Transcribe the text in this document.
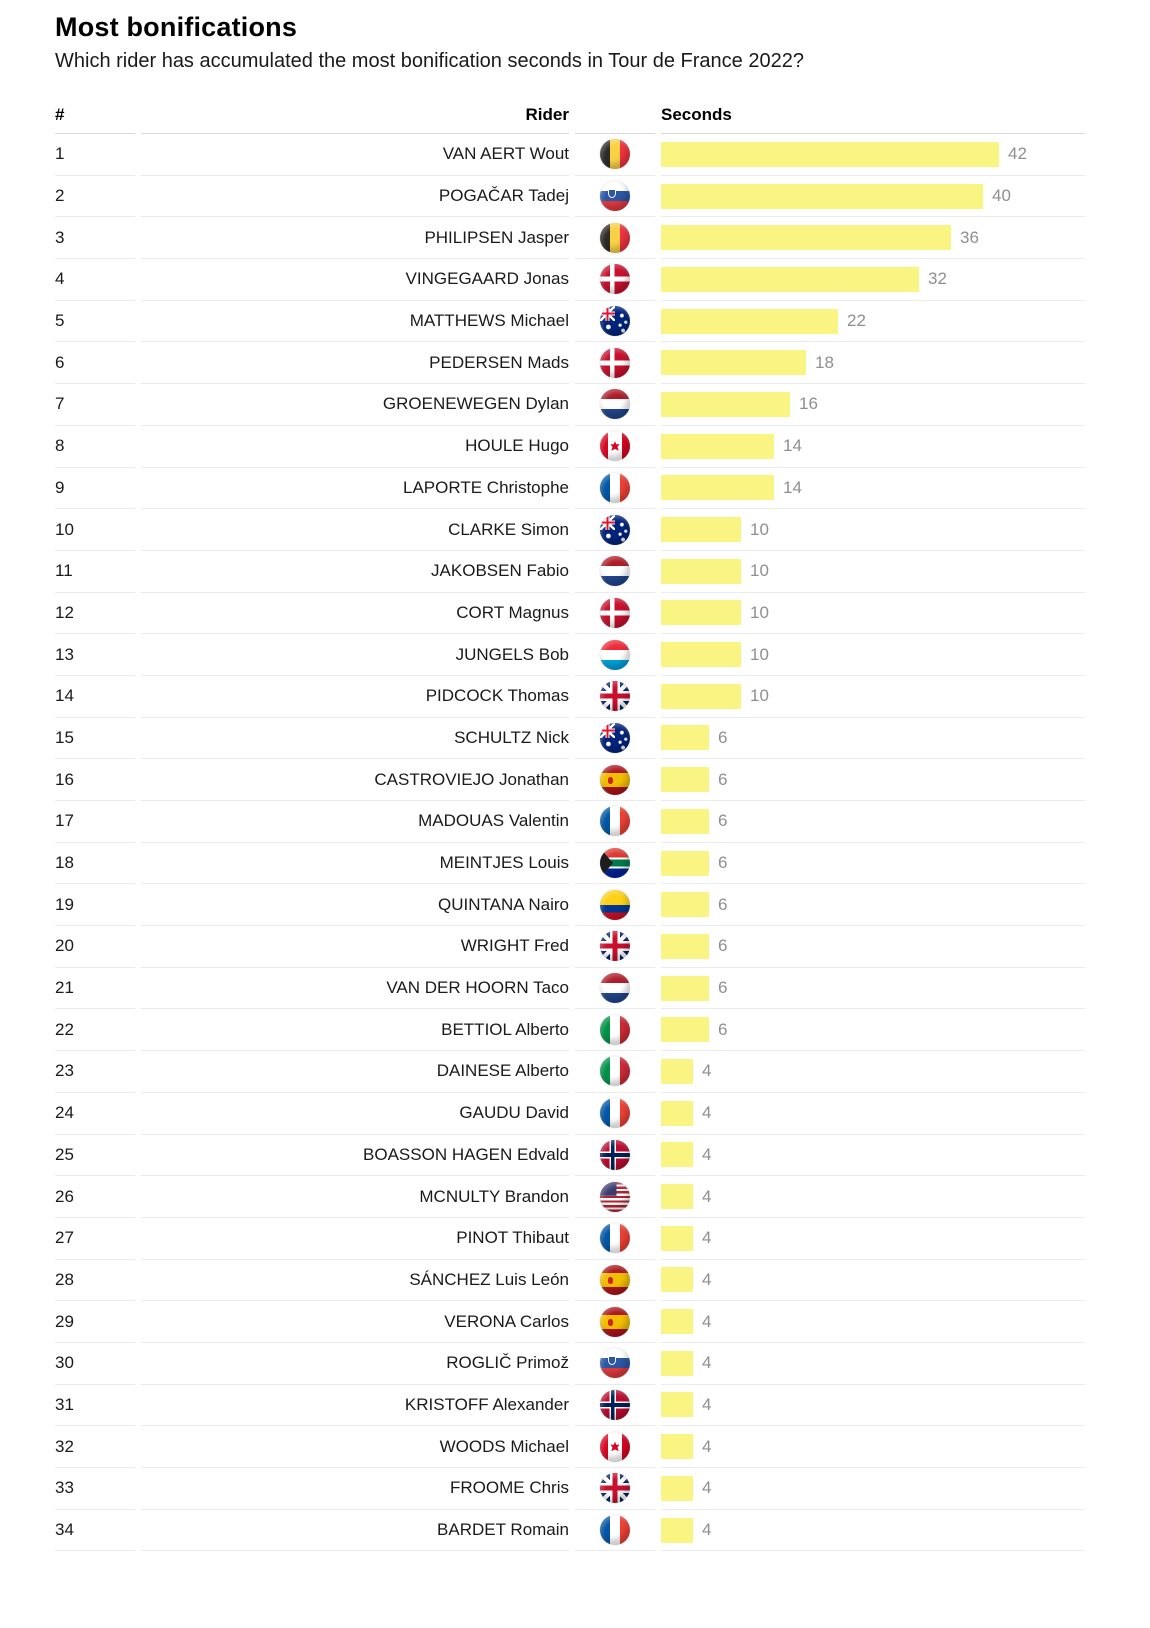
Most bonifications
Which rider has accumulated the most bonification seconds in Tour de France 2022?
#	Rider	Seconds
1	VAN AERT Wout	42
2	POGAČAR Tadej	40
3	PHILIPSEN Jasper	36
4	VINGEGAARD Jonas	32
5	MATTHEWS Michael	22
6	PEDERSEN Mads	18
7	GROENEWEGEN Dylan	16
8	HOULE Hugo	14
9	LAPORTE Christophe	14
10	CLARKE Simon	10
11	JAKOBSEN Fabio	10
12	CORT Magnus	10
13	JUNGELS Bob	10
14	PIDCOCK Thomas	10
15	SCHULTZ Nick	6
16	CASTROVIEJO Jonathan	6
17	MADOUAS Valentin	6
18	MEINTJES Louis	6
19	QUINTANA Nairo	6
20	WRIGHT Fred	6
21	VAN DER HOORN Taco	6
22	BETTIOL Alberto	6
23	DAINESE Alberto	4
24	GAUDU David	4
25	BOASSON HAGEN Edvald	4
26	MCNULTY Brandon	4
27	PINOT Thibaut	4
28	SÁNCHEZ Luis León	4
29	VERONA Carlos	4
30	ROGLIČ Primož	4
31	KRISTOFF Alexander	4
32	WOODS Michael	4
33	FROOME Chris	4
34	BARDET Romain	4
